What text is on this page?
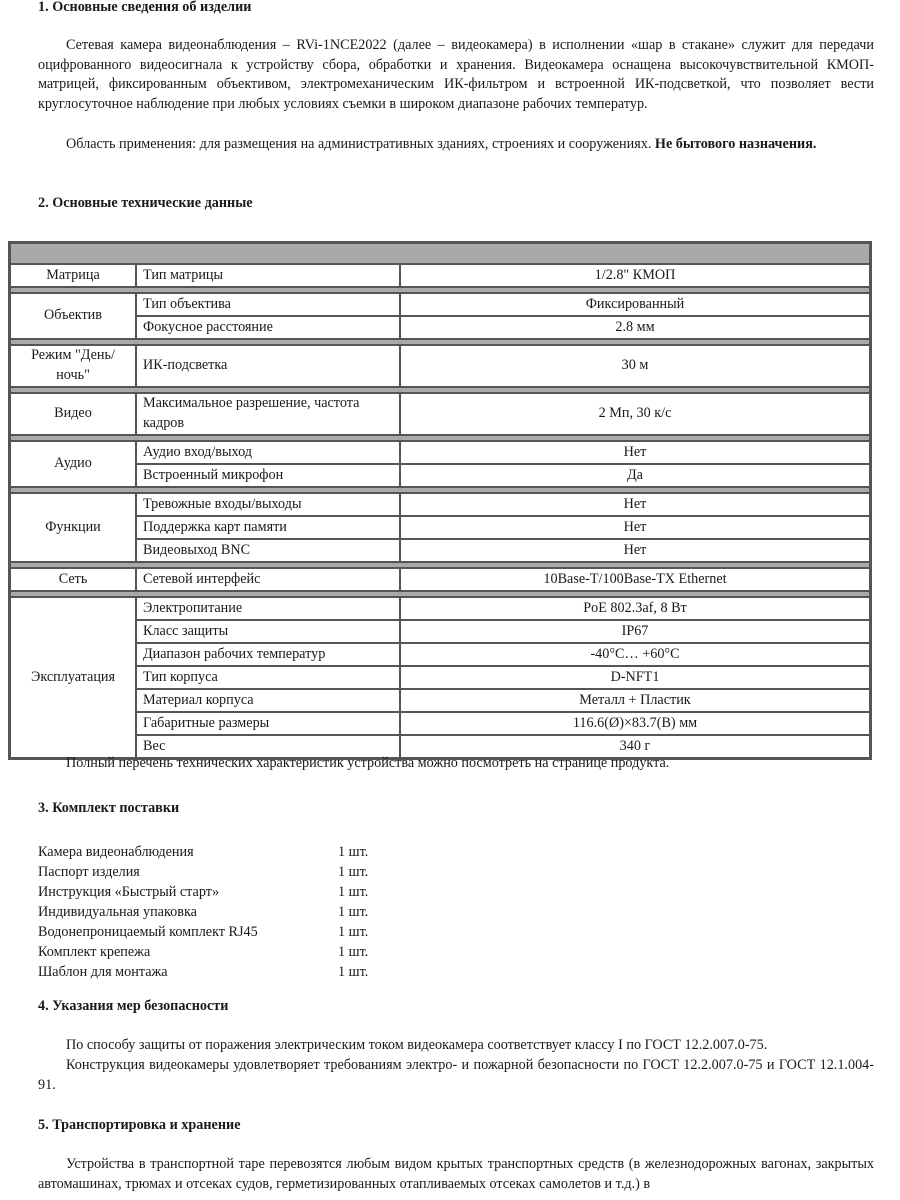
1. Основные сведения об изделии

Сетевая камера видеонаблюдения – RVi-1NCE2022 (далее – видеокамера) в исполнении «шар в стакане» служит для передачи оцифрованного видеосигнала к устройству сбора, обработки и хранения. Видеокамера оснащена высокочувствительной КМОП-матрицей, фиксированным объективом, электромеханическим ИК-фильтром и встроенной ИК-подсветкой, что позволяет вести круглосуточное наблюдение при любых условиях съемки в широком диапазоне рабочих температур.

Область применения: для размещения на административных зданиях, строениях и сооружениях. Не бытового назначения.

2. Основные технические данные

Матрица	Тип матрицы	1/2.8" КМОП

Объектив	Тип объектива	Фиксированный
	Фокусное расстояние	2.8 мм

Режим "День/ночь"	ИК-подсветка	30 м

Видео	Максимальное разрешение, частота кадров	2 Мп, 30 к/с

Аудио	Аудио вход/выход	Нет
	Встроенный микрофон	Да

Функции	Тревожные входы/выходы	Нет
	Поддержка карт памяти	Нет
	Видеовыход BNC	Нет

Сеть	Сетевой интерфейс	10Base-T/100Base-TX Ethernet

Эксплуатация	Электропитание	PoE 802.3af, 8 Вт
	Класс защиты	IP67
	Диапазон рабочих температур	-40°C… +60°C
	Тип корпуса	D-NFT1
	Материал корпуса	Металл + Пластик
	Габаритные размеры	116.6(Ø)×83.7(В) мм
	Вес	340 г

Полный перечень технических характеристик устройства можно посмотреть на странице продукта.

3. Комплект поставки
Камера видеонаблюдения	1 шт.
Паспорт изделия	1 шт.
Инструкция «Быстрый старт»	1 шт.
Индивидуальная упаковка	1 шт.
Водонепроницаемый комплект RJ45	1 шт.
Комплект крепежа	1 шт.
Шаблон для монтажа	1 шт.
4. Указания мер безопасности

По способу защиты от поражения электрическим током видеокамера соответствует классу I по ГОСТ 12.2.007.0-75.

Конструкция видеокамеры удовлетворяет требованиям электро- и пожарной безопасности по ГОСТ 12.2.007.0-75 и ГОСТ 12.1.004-91.

5. Транспортировка и хранение

Устройства в транспортной таре перевозятся любым видом крытых транспортных средств (в железнодорожных вагонах, закрытых автомашинах, трюмах и отсеках судов, герметизированных отапливаемых отсеках самолетов и т.д.) в
